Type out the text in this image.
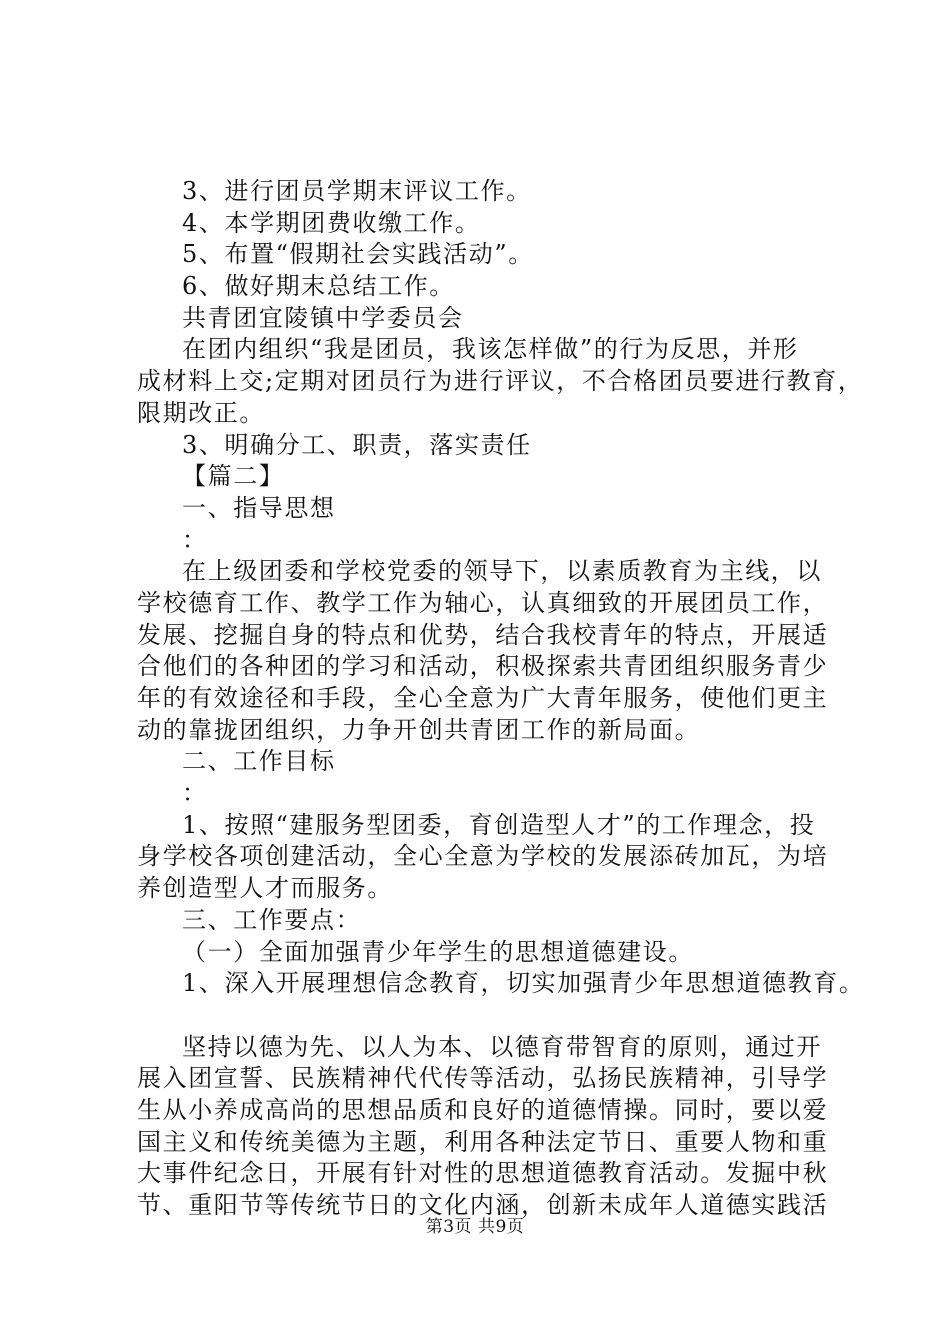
3、进行团员学期末评议工作。
4、本学期团费收缴工作。
5、布置“假期社会实践活动”。
6、做好期末总结工作。
共青团宜陵镇中学委员会
在团内组织“我是团员，我该怎样做”的行为反思，并形
成材料上交;定期对团员行为进行评议，不合格团员要进行教育，
限期改正。
3、明确分工、职责，落实责任
【篇二】
一、指导思想
：
在上级团委和学校党委的领导下，以素质教育为主线，以
学校德育工作、教学工作为轴心，认真细致的开展团员工作，
发展、挖掘自身的特点和优势，结合我校青年的特点，开展适
合他们的各种团的学习和活动，积极探索共青团组织服务青少
年的有效途径和手段，全心全意为广大青年服务，使他们更主
动的靠拢团组织，力争开创共青团工作的新局面。
二、工作目标
：
1、按照“建服务型团委，育创造型人才”的工作理念，投
身学校各项创建活动，全心全意为学校的发展添砖加瓦，为培
养创造型人才而服务。
三、工作要点：
（一）全面加强青少年学生的思想道德建设。
1、深入开展理想信念教育，切实加强青少年思想道德教育。
坚持以德为先、以人为本、以德育带智育的原则，通过开
展入团宣誓、民族精神代代传等活动，弘扬民族精神，引导学
生从小养成高尚的思想品质和良好的道德情操。同时，要以爱
国主义和传统美德为主题，利用各种法定节日、重要人物和重
大事件纪念日，开展有针对性的思想道德教育活动。发掘中秋
节、重阳节等传统节日的文化内涵，创新未成年人道德实践活
第3页 共9页
